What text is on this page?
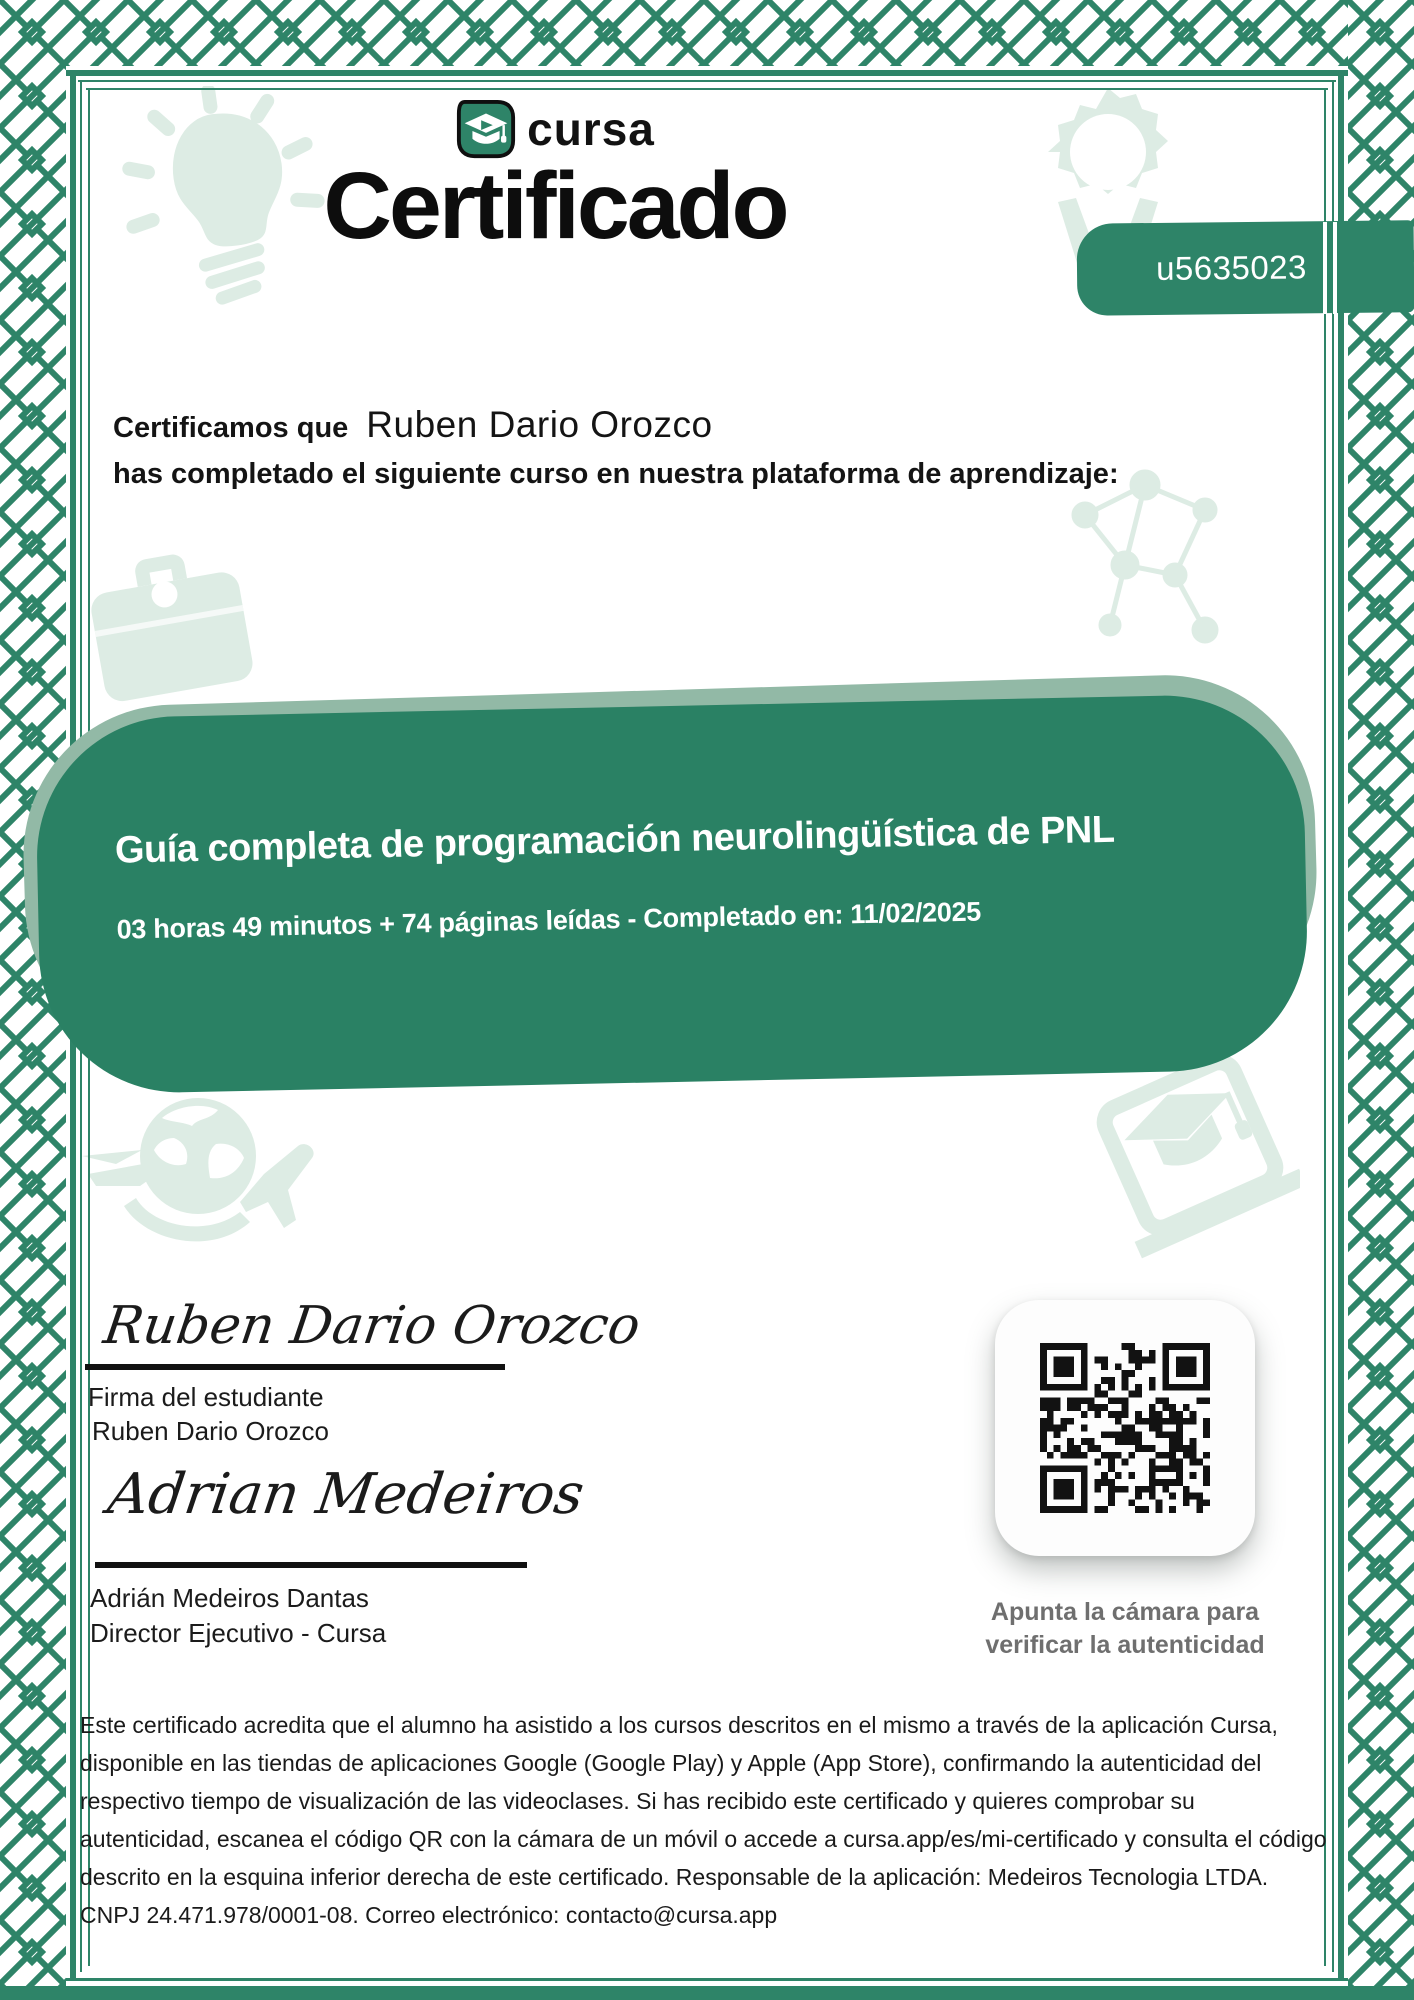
cursa
Certificado
u5635023
Certificamos que Ruben Dario Orozco
has completado el siguiente curso en nuestra plataforma de aprendizaje:
Guía completa de programación neurolingüística de PNL
03 horas 49 minutos + 74 páginas leídas - Completado en: 11/02/2025
Ruben Dario Orozco
Firma del estudiante
Ruben Dario Orozco
Adrian Medeiros
Adrián Medeiros Dantas
Director Ejecutivo - Cursa
Apunta la cámara para
verificar la autenticidad
Este certificado acredita que el alumno ha asistido a los cursos descritos en el mismo a través de la aplicación Cursa, disponible en las tiendas de aplicaciones Google (Google Play) y Apple (App Store), confirmando la autenticidad del respectivo tiempo de visualización de las videoclases. Si has recibido este certificado y quieres comprobar su autenticidad, escanea el código QR con la cámara de un móvil o accede a cursa.app/es/mi-certificado y consulta el código descrito en la esquina inferior derecha de este certificado. Responsable de la aplicación: Medeiros Tecnologia LTDA. CNPJ 24.471.978/0001-08. Correo electrónico: contacto@cursa.app
